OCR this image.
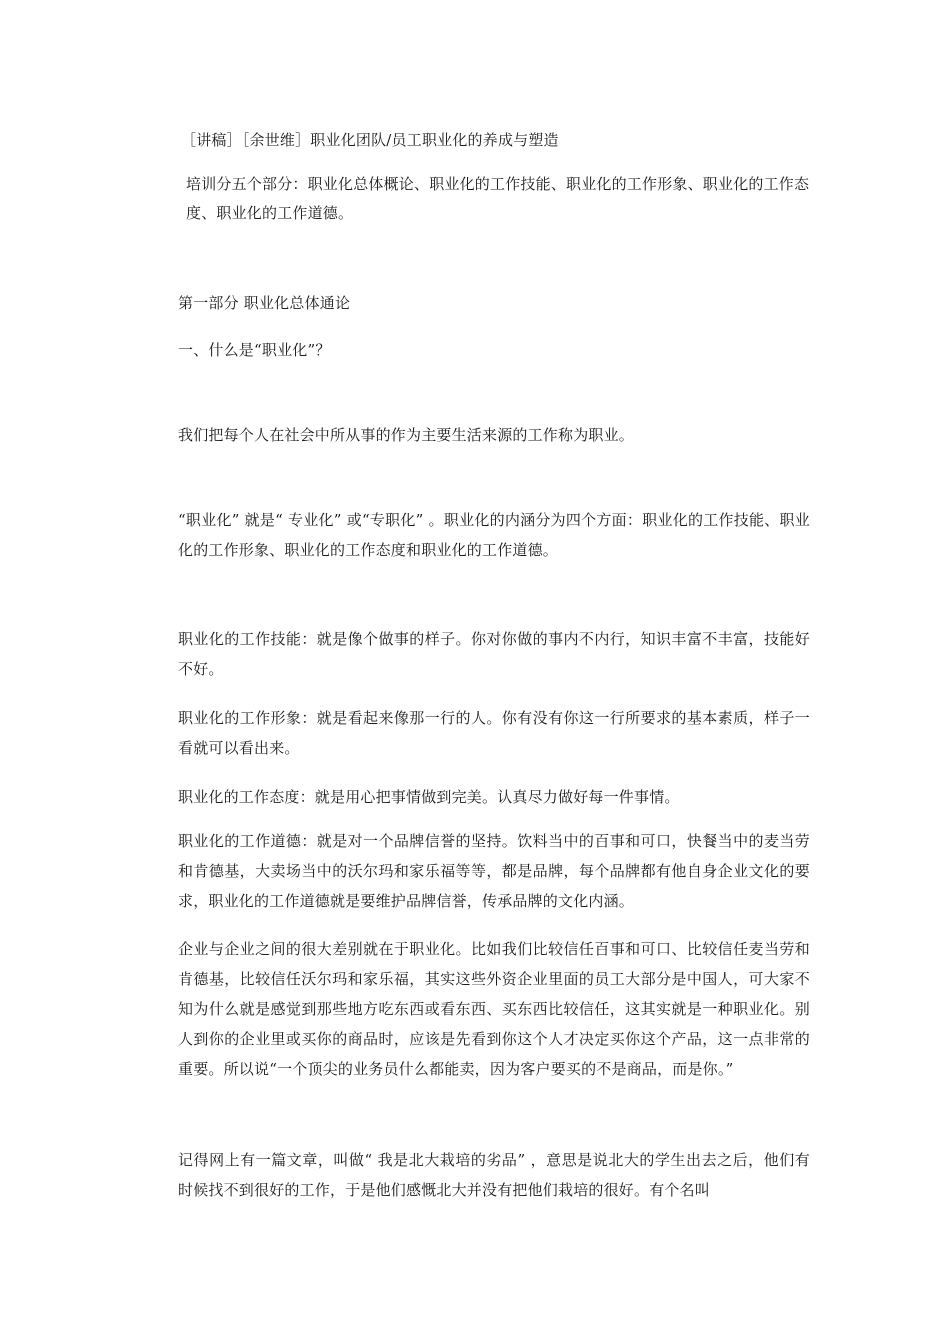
［讲稿］［余世维］职业化团队/员工职业化的养成与塑造
培训分五个部分：职业化总体概论、职业化的工作技能、职业化的工作形象、职业化的工作态度、职业化的工作道德。
第一部分 职业化总体通论
一、什么是“职业化”？
我们把每个人在社会中所从事的作为主要生活来源的工作称为职业。
“职业化” 就是“ 专业化” 或“专职化” 。职业化的内涵分为四个方面：职业化的工作技能、职业化的工作形象、职业化的工作态度和职业化的工作道德。
职业化的工作技能：就是像个做事的样子。你对你做的事内不内行，知识丰富不丰富，技能好不好。
职业化的工作形象：就是看起来像那一行的人。你有没有你这一行所要求的基本素质，样子一看就可以看出来。
职业化的工作态度：就是用心把事情做到完美。认真尽力做好每一件事情。
职业化的工作道德：就是对一个品牌信誉的坚持。饮料当中的百事和可口，快餐当中的麦当劳和肯德基，大卖场当中的沃尔玛和家乐福等等，都是品牌，每个品牌都有他自身企业文化的要求，职业化的工作道德就是要维护品牌信誉，传承品牌的文化内涵。
企业与企业之间的很大差别就在于职业化。比如我们比较信任百事和可口、比较信任麦当劳和肯德基，比较信任沃尔玛和家乐福，其实这些外资企业里面的员工大部分是中国人，可大家不知为什么就是感觉到那些地方吃东西或看东西、买东西比较信任，这其实就是一种职业化。别人到你的企业里或买你的商品时，应该是先看到你这个人才决定买你这个产品，这一点非常的重要。所以说“一个顶尖的业务员什么都能卖，因为客户要买的不是商品，而是你。”
记得网上有一篇文章，叫做“ 我是北大栽培的劣品” ，意思是说北大的学生出去之后，他们有时候找不到很好的工作，于是他们感慨北大并没有把他们栽培的很好。有个名叫
